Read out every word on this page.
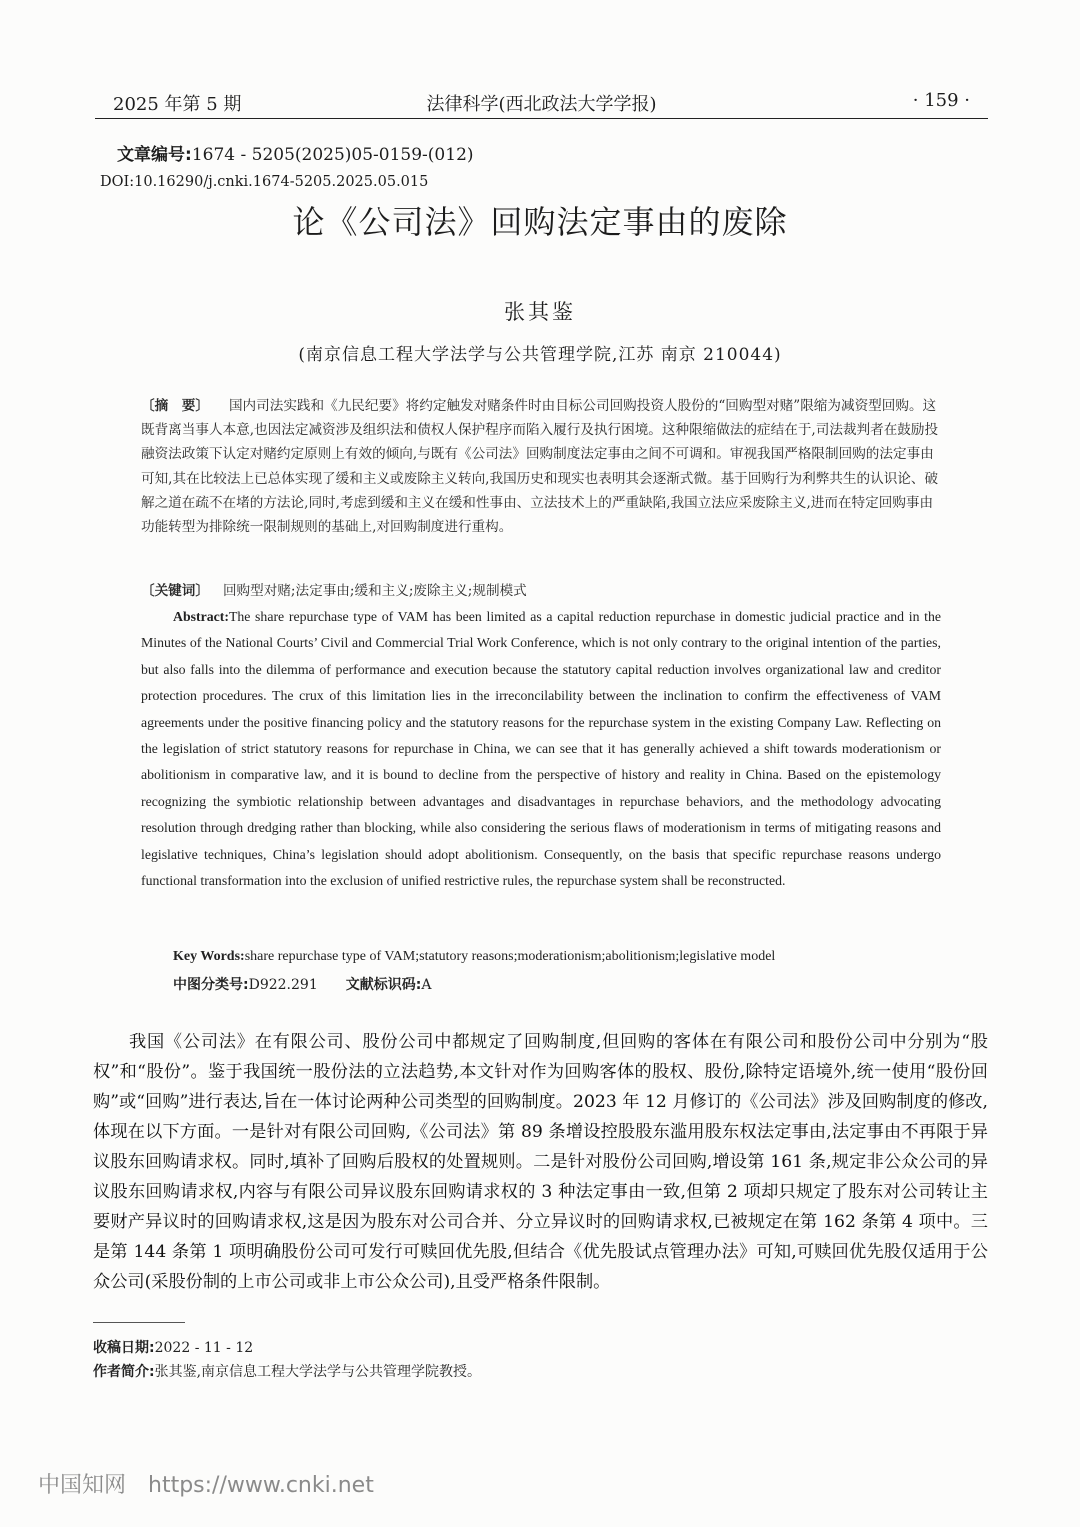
2025 年第 5 期	法律科学(西北政法大学学报)	· 159 ·
文章编号:1674 - 5205(2025)05-0159-(012)
DOI:10.16290/j.cnki.1674-5205.2025.05.015
论《公司法》回购法定事由的废除
张其鉴
(南京信息工程大学法学与公共管理学院,江苏 南京 210044)
〔摘　要〕 国内司法实践和《九民纪要》将约定触发对赌条件时由目标公司回购投资人股份的“回购型对赌”限缩为减资型回购。这既背离当事人本意,也因法定减资涉及组织法和债权人保护程序而陷入履行及执行困境。这种限缩做法的症结在于,司法裁判者在鼓励投融资法政策下认定对赌约定原则上有效的倾向,与既有《公司法》回购制度法定事由之间不可调和。审视我国严格限制回购的法定事由可知,其在比较法上已总体实现了缓和主义或废除主义转向,我国历史和现实也表明其会逐渐式微。基于回购行为利弊共生的认识论、破解之道在疏不在堵的方法论,同时,考虑到缓和主义在缓和性事由、立法技术上的严重缺陷,我国立法应采废除主义,进而在特定回购事由功能转型为排除统一限制规则的基础上,对回购制度进行重构。
〔关键词〕 回购型对赌;法定事由;缓和主义;废除主义;规制模式
Abstract:The share repurchase type of VAM has been limited as a capital reduction repurchase in domestic judicial practice and in the Minutes of the National Courts’ Civil and Commercial Trial Work Conference, which is not only contrary to the original intention of the parties, but also falls into the dilemma of performance and execution because the statutory capital reduction involves organizational law and creditor protection procedures. The crux of this limitation lies in the irreconcilability between the inclination to confirm the effectiveness of VAM agreements under the positive financing policy and the statutory reasons for the repurchase system in the existing Company Law. Reflecting on the legislation of strict statutory reasons for repurchase in China, we can see that it has generally achieved a shift towards moderationism or abolitionism in comparative law, and it is bound to decline from the perspective of history and reality in China. Based on the epistemology recognizing the symbiotic relationship between advantages and disadvantages in repurchase behaviors, and the methodology advocating resolution through dredging rather than blocking, while also considering the serious flaws of moderationism in terms of mitigating reasons and legislative techniques, China’s legislation should adopt abolitionism. Consequently, on the basis that specific repurchase reasons undergo functional transformation into the exclusion of unified restrictive rules, the repurchase system shall be reconstructed.
Key Words:share repurchase type of VAM;statutory reasons;moderationism;abolitionism;legislative model
中图分类号:D922.291 文献标识码:A
我国《公司法》在有限公司、股份公司中都规定了回购制度,但回购的客体在有限公司和股份公司中分别为“股权”和“股份”。鉴于我国统一股份法的立法趋势,本文针对作为回购客体的股权、股份,除特定语境外,统一使用“股份回购”或“回购”进行表达,旨在一体讨论两种公司类型的回购制度。2023 年 12 月修订的《公司法》涉及回购制度的修改,体现在以下方面。一是针对有限公司回购,《公司法》第 89 条增设控股股东滥用股东权法定事由,法定事由不再限于异议股东回购请求权。同时,填补了回购后股权的处置规则。二是针对股份公司回购,增设第 161 条,规定非公众公司的异议股东回购请求权,内容与有限公司异议股东回购请求权的 3 种法定事由一致,但第 2 项却只规定了股东对公司转让主要财产异议时的回购请求权,这是因为股东对公司合并、分立异议时的回购请求权,已被规定在第 162 条第 4 项中。三是第 144 条第 1 项明确股份公司可发行可赎回优先股,但结合《优先股试点管理办法》可知,可赎回优先股仅适用于公众公司(采股份制的上市公司或非上市公众公司),且受严格条件限制。
收稿日期:2022 - 11 - 12
作者简介:张其鉴,南京信息工程大学法学与公共管理学院教授。
中国知网 https://www.cnki.net
